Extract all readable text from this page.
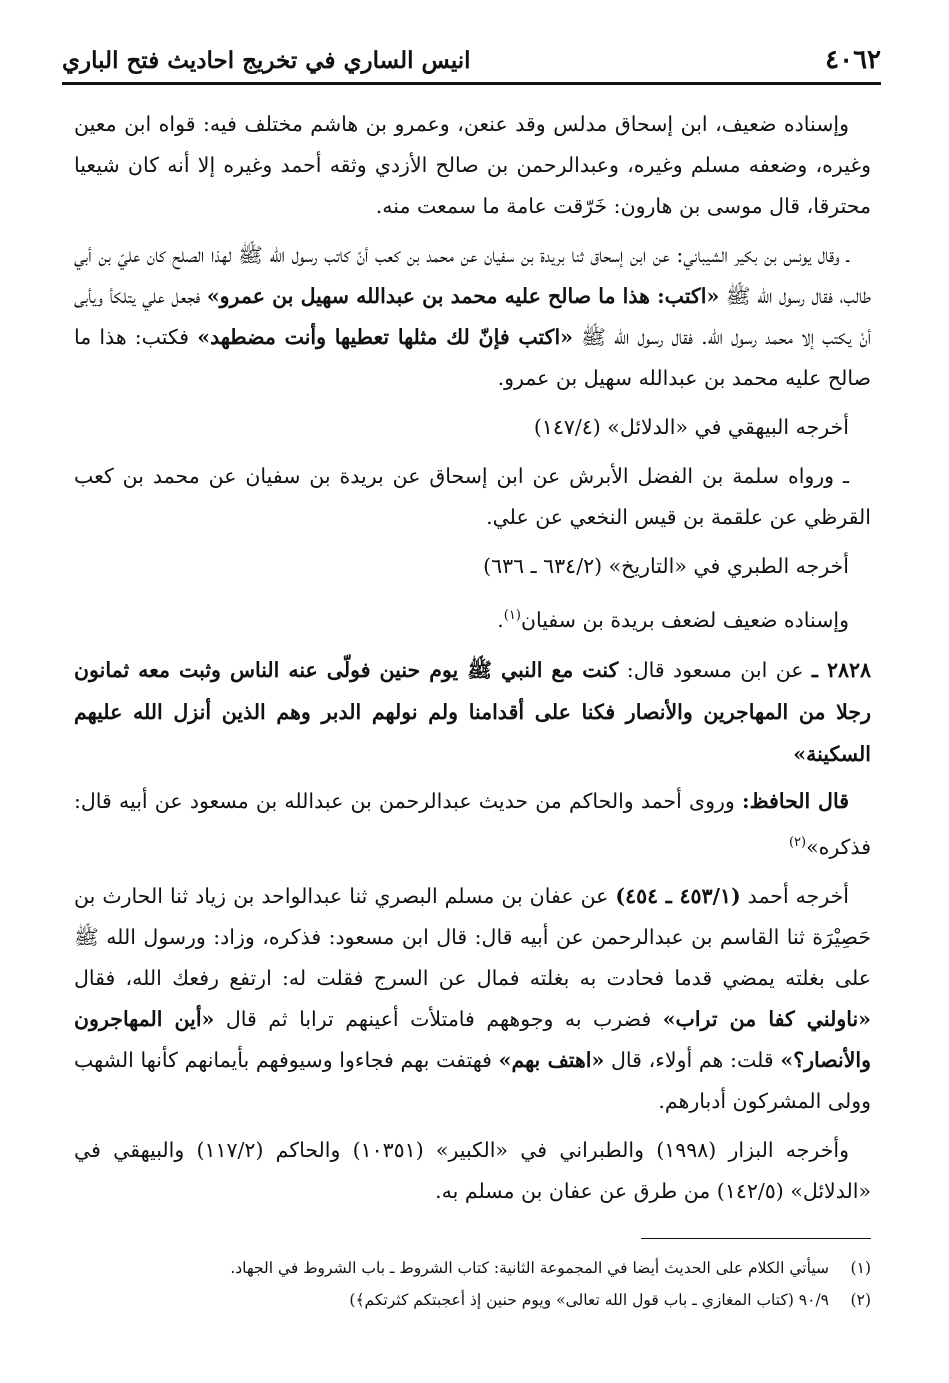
٤٠٦٢
انيس الساري في تخريج احاديث فتح الباري

وإسناده ضعيف، ابن إسحاق مدلس وقد عنعن، وعمرو بن هاشم مختلف فيه: قواه ابن معين وغيره، وضعفه مسلم وغيره، وعبدالرحمن بن صالح الأزدي وثقه أحمد وغيره إلا أنه كان شيعيا محترقا، قال موسى بن هارون: خَرّقت عامة ما سمعت منه.

ـ وقال يونس بن بكير الشيباني: عن ابن إسحاق ثنا بريدة بن سفيان عن محمد بن كعب أنّ كاتب رسول الله ﷺ لهذا الصلح كان عليّ بن أبي طالب، فقال رسول الله ﷺ «اكتب: هذا ما صالح عليه محمد بن عبدالله سهيل بن عمرو» فجعل علي يتلكأ ويأبى أنْ يكتب إلا محمد رسول الله. فقال رسول الله ﷺ «اكتب فإنّ لك مثلها تعطيها وأنت مضطهد» فكتب: هذا ما صالح عليه محمد بن عبدالله سهيل بن عمرو.

أخرجه البيهقي في «الدلائل» (١٤٧/٤)

ـ ورواه سلمة بن الفضل الأبرش عن ابن إسحاق عن بريدة بن سفيان عن محمد بن كعب القرظي عن علقمة بن قيس النخعي عن علي.

أخرجه الطبري في «التاريخ» (٦٣٤/٢ ـ ٦٣٦)

وإسناده ضعيف لضعف بريدة بن سفيان$^{(١)}$.

٢٨٢٨ ـ عن ابن مسعود قال: كنت مع النبي ﷺ يوم حنين فولّى عنه الناس وثبت معه ثمانون رجلا من المهاجرين والأنصار فكنا على أقدامنا ولم نولهم الدبر وهم الذين أنزل الله عليهم السكينة»

قال الحافظ: وروى أحمد والحاكم من حديث عبدالرحمن بن عبدالله بن مسعود عن أبيه قال: فذكره»$^{(٢)}$

أخرجه أحمد (٤٥٣/١ ـ ٤٥٤) عن عفان بن مسلم البصري ثنا عبدالواحد بن زياد ثنا الحارث بن حَصِيْرَة ثنا القاسم بن عبدالرحمن عن أبيه قال: قال ابن مسعود: فذكره، وزاد: ورسول الله ﷺ على بغلته يمضي قدما فحادت به بغلته فمال عن السرج فقلت له: ارتفع رفعك الله، فقال «ناولني كفا من تراب» فضرب به وجوههم فامتلأت أعينهم ترابا ثم قال «أين المهاجرون والأنصار؟» قلت: هم أولاء، قال «اهتف بهم» فهتفت بهم فجاءوا وسيوفهم بأيمانهم كأنها الشهب وولى المشركون أدبارهم.

وأخرجه البزار (١٩٩٨) والطبراني في «الكبير» (١٠٣٥١) والحاكم (١١٧/٢) والبيهقي في «الدلائل» (١٤٢/٥) من طرق عن عفان بن مسلم به.

(١)
سيأتي الكلام على الحديث أيضا في المجموعة الثانية: كتاب الشروط ـ باب الشروط في الجهاد.
(٢)
٩٠/٩ (كتاب المغازي ـ باب قول الله تعالى» ويوم حنين إذ أعجبتكم كثرتكم﴾)
